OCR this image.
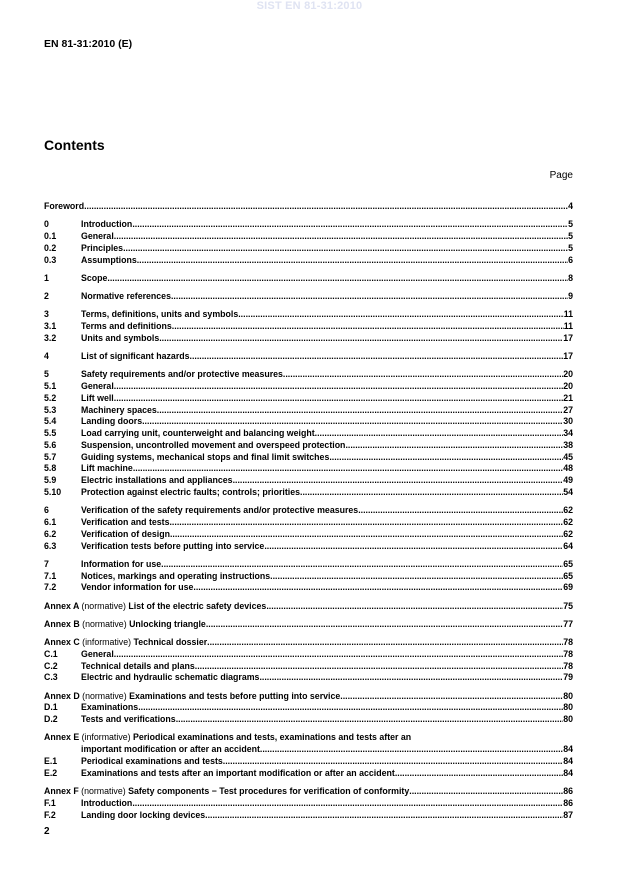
SIST EN 81-31:2010
EN 81-31:2010 (E)
Contents
Page
Foreword .....	4
0	Introduction .....	5
0.1	General .....	5
0.2	Principles .....	5
0.3	Assumptions .....	6
1	Scope .....	8
2	Normative references .....	9
3	Terms, definitions, units and symbols .....	11
3.1	Terms and definitions .....	11
3.2	Units and symbols .....	17
4	List of significant hazards .....	17
5	Safety requirements and/or protective measures .....	20
5.1	General .....	20
5.2	Lift well .....	21
5.3	Machinery spaces .....	27
5.4	Landing doors .....	30
5.5	Load carrying unit, counterweight and balancing weight .....	34
5.6	Suspension, uncontrolled movement and overspeed protection .....	38
5.7	Guiding systems, mechanical stops and final limit switches .....	45
5.8	Lift machine .....	48
5.9	Electric installations and appliances .....	49
5.10	Protection against electric faults; controls; priorities .....	54
6	Verification of the safety requirements and/or protective measures .....	62
6.1	Verification and tests .....	62
6.2	Verification of design .....	62
6.3	Verification tests before putting into service .....	64
7	Information for use .....	65
7.1	Notices, markings and operating instructions .....	65
7.2	Vendor information for use .....	69
Annex A (normative) List of the electric safety devices .....	75
Annex B (normative) Unlocking triangle .....	77
Annex C (informative) Technical dossier .....	78
C.1	General .....	78
C.2	Technical details and plans .....	78
C.3	Electric and hydraulic schematic diagrams .....	79
Annex D (normative) Examinations and tests before putting into service .....	80
D.1	Examinations .....	80
D.2	Tests and verifications .....	80
Annex E (informative) Periodical examinations and tests, examinations and tests after an
important modification or after an accident .....	84
E.1	Periodical examinations and tests .....	84
E.2	Examinations and tests after an important modification or after an accident .....	84
Annex F (normative) Safety components − Test procedures for verification of conformity .....	86
F.1	Introduction .....	86
F.2	Landing door locking devices .....	87
2
